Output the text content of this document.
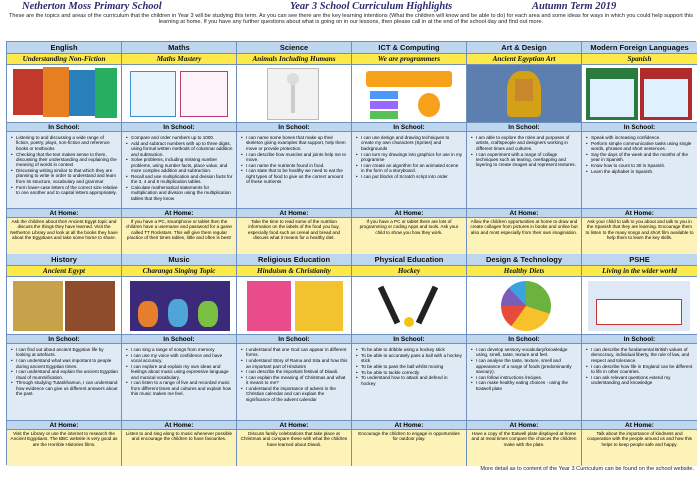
Netherton Moss Primary School	Year 3 School Curriculum Highlights	Autumn Term 2019
These are the topics and areas of the curriculum that the children in Year 3 will be studying this term. As you can see there are the key learning intentions (What the children will know and be able to do) for each area and some ideas for ways in which you could help support this learning at home. If you have any further questions about what is going on in our lessons, then please call in at the end of the school day and find out more.
English
Understanding Non-Fiction
In School:
• Listening to and discussing a wide range of fiction, poetry, plays, non-fiction and reference books or textbooks
• Checking that the text makes sense to them, discussing their understanding and explaining the meaning of words in context
• Discussing writing similar to that which they are planning to write in order to understand and learn from its structure, vocabulary and grammar
• Form lower-case letters of the correct size relative to one another and to capital letters appropriately.
At Home:
Ask the children about their Ancient Egypt topic and discuss the things they have learned. Visit the Netherton Library and look at all the books they have about the Egyptians and take some home to share.
Maths
Maths Mastery
In School:
• Compare and order numbers up to 1000.
• Add and subtract numbers with up to three digits, using formal written methods of columnar addition and subtraction.
• Solve problems, including missing number problems, using number facts, place value, and more complex addition and subtraction.
• Recall and use multiplication and division facts for the 3, 4 and 8 multiplication tables.
• Calculate mathematical statements for multiplication and division using the multiplication tables that they know
At Home:
If you have a PC, smartphone or tablet then the children have a username and password for a game called TT Rockstars. This will give them regular practice of their times tables, little and often is best!
Science
Animals Including Humans
In School:
• I can name some bones that make up their skeleton giving examples that support, help them move or provide protection.
• I can describe how muscles and joints help me to move.
• I can name the nutrients found in food.
• I can state that to be healthy we need to eat the right types of food to give us the correct amount of these nutrients
At Home:
Take the time to read some of the nutrition information on the labels of the food you buy, especially food such as cereal and bread and discuss what it means for a healthy diet.
ICT & Computing
We are programmers
In School:
• I can use design and drawing techniques to create my own characters (Sprites) and backgrounds
• I can turn my drawings into graphics for use in my programme
• I can create an algorithm for an animated scene in the form of a storyboard.
• I can put blocks of Scratch script into order
At Home:
If you have a PC or tablet there are lots of programming or coding Apps and tools. Ask your child to show you how they work.
Art & Design
Ancient Egyptian Art
In School:
• I am able to explore the roles and purposes of artists, craftspeople and designers working in different times and cultures.
• I can experiment with a range of collage techniques such as tearing, overlapping and layering to create images and represent textures.
At Home:
Allow the children opportunities at home to draw and create collages from pictures in books and online but also and most especially from their own imagination.
Modern Foreign Languages
Spanish
In School:
• Speak with increasing confidence.
• Perform simple communicative tasks using single words, phrases and short sentences.
• Say the days of the week and the months of the year in Spanish.
• Know how to count to 30 in Spanish.
• Learn the alphabet in Spanish.
At Home:
Ask your child to talk to you about and talk to you in the Spanish that they are learning. Encourage them to listen to the many songs and short film available to help them to learn the key skills.
History
Ancient Egypt
In School:
• I can find out about ancient Egyptian life by looking at artefacts.
• I can understand what was important to people during ancient Egyptian times.
• I can understand and explain the ancient Egyptian ritual of mummification.
• Through studying Tutankhamun, I can understand how evidence can give us different answers about the past.
At Home:
Visit the Library or use the internet to research the Ancient Egyptians. The BBC website is very good as are the Horrible Histories films.
Music
Charanga Singing Topic
In School:
• I can sing a range of songs from memory
• I can use my voice with confidence and have vocal accuracy.
• I can explore and explain my own ideas and feelings about music using expressive language and musical vocabulary.
• I can listen to a range of live and recorded music from different times and cultures and explain how this music makes me feel.
At Home:
Listen to and sing along to music whenever possible and encourage the children to have favourites.
Religious Education
Hinduism & Christianity
In School:
• I understand that one God can appear in different forms.
• I understand Story of Rama and Sita and how this an important part of Hinduism
• I can describe the important festival of Diwali.
• I can explain the meaning of Christmas and what it means to me?
• I understand the importance of advent in the Christian calendar and can explain the significance of the advent calendar
At Home:
Discuss family celebrations that take place at Christmas and compare these with what the children have learned about Diwali.
Physical Education
Hockey
In School:
• To be able to dribble using a hockey stick
• To be able to accurately pass a ball with a hockey stick
• To be able to pass the ball whilst moving
• To be able to tackle correctly
• To understand how to attack and defend in hockey
At Home:
Encourage the children to engage in opportunities for outdoor play.
Design & Technology
Healthy Diets
In School:
• I can develop sensory vocabulary/knowledge using, smell, taste, texture and feel.
• I can analyse the taste, texture, smell and appearance of a range of foods (predominantly savoury).
• I can follow instructions /recipes.
• I can make healthy eating choices - using the Eatwell plate
At Home:
Have a copy of the Eatwell plate displayed at home and at meal times compare the choices the children make with the plate.
PSHE
Living in the wider world
In School:
• I can describe the fundamental British values of democracy, individual liberty, the rule of law, and respect and tolerance.
• I can describe how life in England can be different to life in other countries.
• I can ask relevant questions extend my understanding and knowledge
At Home:
Talk about the importance of kindness and cooperation with the people around us and how this helps to keep people safe and happy.
More detail as to content of the Year 3 Curriculum can be found on the school website.
